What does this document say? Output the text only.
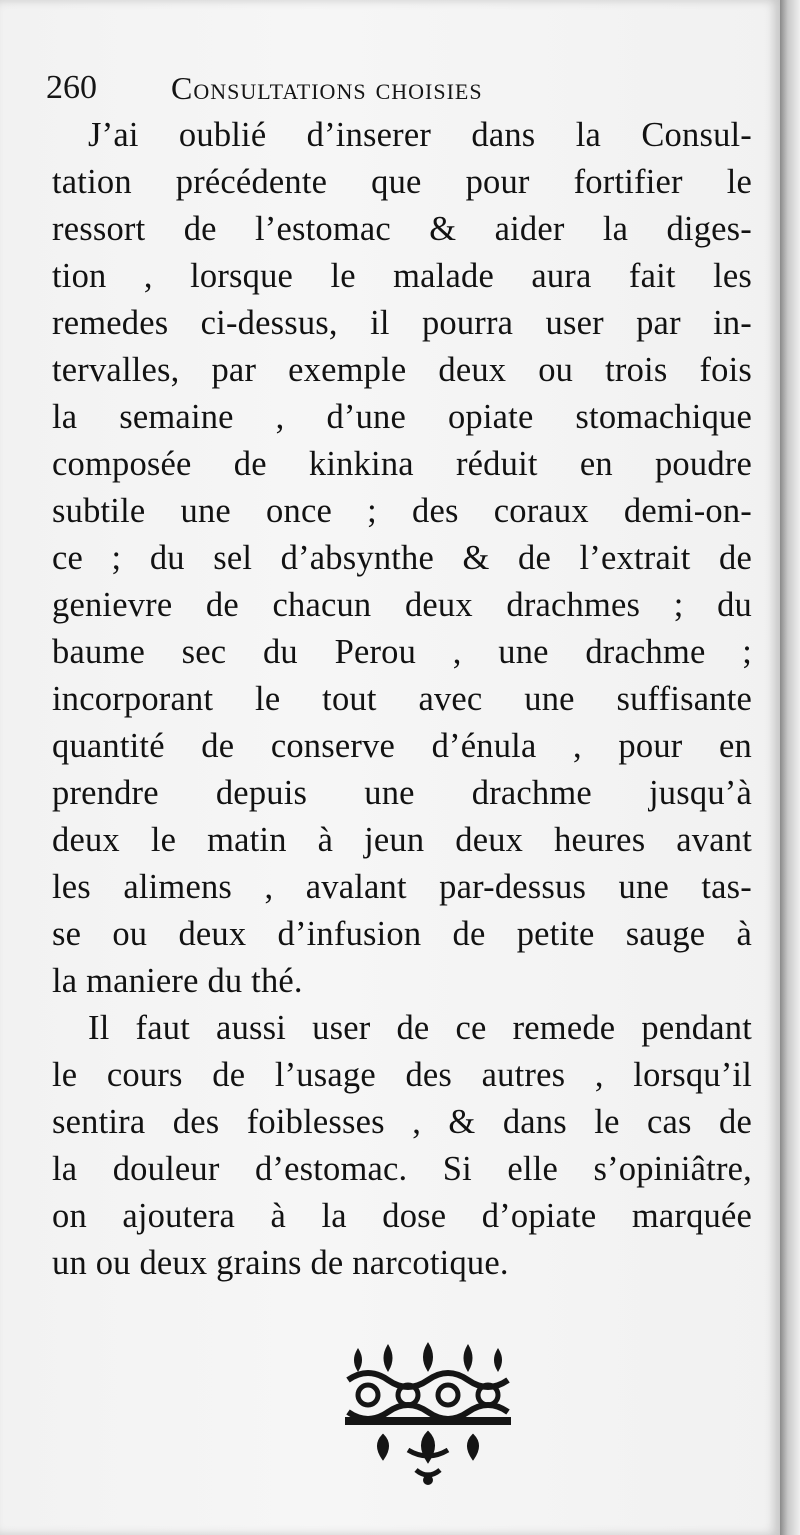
260 Consultations choisies
J’ai oublié d’inserer dans la Consul-
tation précédente que pour fortifier le
ressort de l’estomac & aider la diges-
tion , lorsque le malade aura fait les
remedes ci-dessus, il pourra user par in-
tervalles, par exemple deux ou trois fois
la semaine , d’une opiate stomachique
composée de kinkina réduit en poudre
subtile une once ; des coraux demi-on-
ce ; du sel d’absynthe & de l’extrait de
genievre de chacun deux drachmes ; du
baume sec du Perou , une drachme ;
incorporant le tout avec une suffisante
quantité de conserve d’énula , pour en
prendre depuis une drachme jusqu’à
deux le matin à jeun deux heures avant
les alimens , avalant par-dessus une tas-
se ou deux d’infusion de petite sauge à
la maniere du thé.
Il faut aussi user de ce remede pendant
le cours de l’usage des autres , lorsqu’il
sentira des foiblesses , & dans le cas de
la douleur d’estomac. Si elle s’opiniâtre,
on ajoutera à la dose d’opiate marquée
un ou deux grains de narcotique.
